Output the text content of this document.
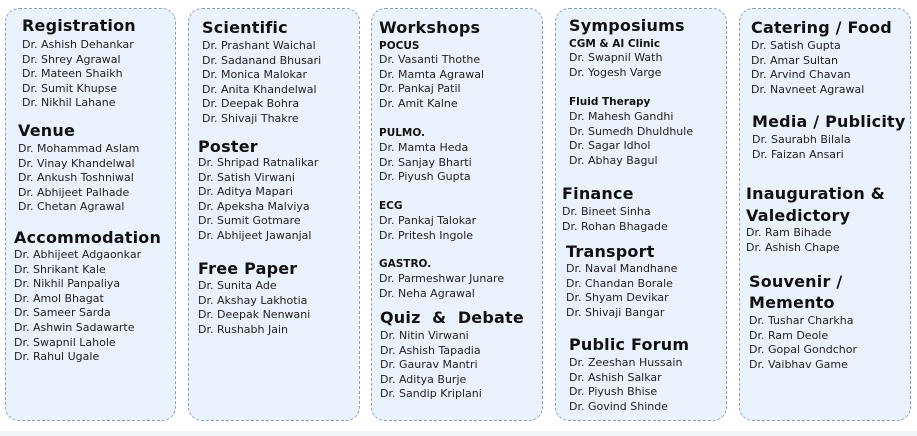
Registration
Dr. Ashish Dehankar
Dr. Shrey Agrawal
Dr. Mateen Shaikh
Dr. Sumit Khupse
Dr. Nikhil Lahane
Venue
Dr. Mohammad Aslam
Dr. Vinay Khandelwal
Dr. Ankush Toshniwal
Dr. Abhijeet Palhade
Dr. Chetan Agrawal
Accommodation
Dr. Abhijeet Adgaonkar
Dr. Shrikant Kale
Dr. Nikhil Panpaliya
Dr. Amol Bhagat
Dr. Sameer Sarda
Dr. Ashwin Sadawarte
Dr. Swapnil Lahole
Dr. Rahul Ugale
Scientific
Dr. Prashant Waichal
Dr. Sadanand Bhusari
Dr. Monica Malokar
Dr. Anita Khandelwal
Dr. Deepak Bohra
Dr. Shivaji Thakre
Poster
Dr. Shripad Ratnalikar
Dr. Satish Virwani
Dr. Aditya Mapari
Dr. Apeksha Malviya
Dr. Sumit Gotmare
Dr. Abhijeet Jawanjal
Free Paper
Dr. Sunita Ade
Dr. Akshay Lakhotia
Dr. Deepak Nenwani
Dr. Rushabh Jain
Workshops
POCUS
Dr. Vasanti Thothe
Dr. Mamta Agrawal
Dr. Pankaj Patil
Dr. Amit Kalne
PULMO.
Dr. Mamta Heda
Dr. Sanjay Bharti
Dr. Piyush Gupta
ECG
Dr. Pankaj Talokar
Dr. Pritesh Ingole
GASTRO.
Dr. Parmeshwar Junare
Dr. Neha Agrawal
Quiz  &  Debate
Dr. Nitin Virwani
Dr. Ashish Tapadia
Dr. Gaurav Mantri
Dr. Aditya Burje
Dr. Sandip Kriplani
Symposiums
CGM & AI Clinic
Dr. Swapnil Wath
Dr. Yogesh Varge
Fluid Therapy
Dr. Mahesh Gandhi
Dr. Sumedh Dhuldhule
Dr. Sagar Idhol
Dr. Abhay Bagul
Finance
Dr. Bineet Sinha
Dr. Rohan Bhagade
Transport
Dr. Naval Mandhane
Dr. Chandan Borale
Dr. Shyam Devikar
Dr. Shivaji Bangar
Public Forum
Dr. Zeeshan Hussain
Dr. Ashish Salkar
Dr. Piyush Bhise
Dr. Govind Shinde
Catering / Food
Dr. Satish Gupta
Dr. Amar Sultan
Dr. Arvind Chavan
Dr. Navneet Agrawal
Media / Publicity
Dr. Saurabh Bilala
Dr. Faizan Ansari
Inauguration &
Valedictory
Dr. Ram Bihade
Dr. Ashish Chape
Souvenir /
Memento
Dr. Tushar Charkha
Dr. Ram Deole
Dr. Gopal Gondchor
Dr. Vaibhav Game
